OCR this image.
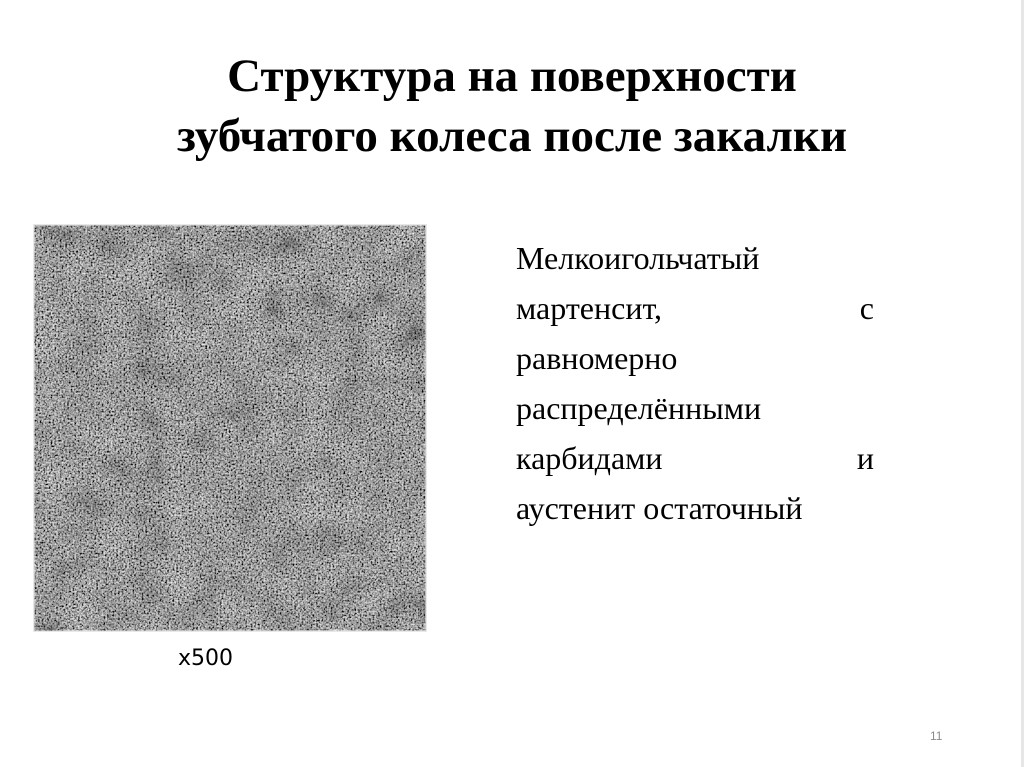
Структура на поверхности
зубчатого колеса после закалки
х500
Мелкоигольчатый
мартенсит,	с
равномерно
распределёнными
карбидами	и
аустенит остаточный
11
